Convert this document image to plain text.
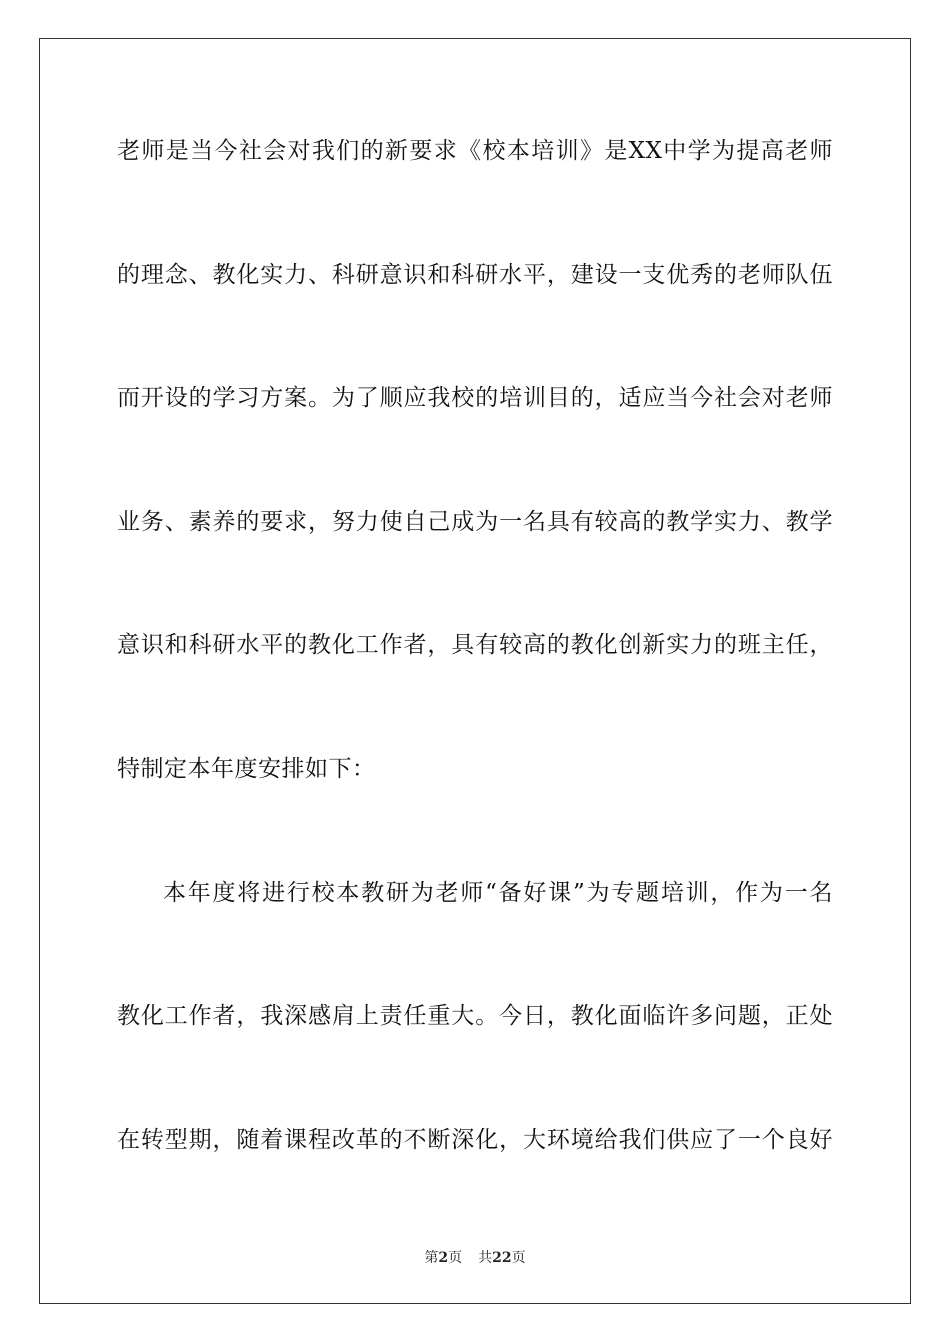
老师是当今社会对我们的新要求《校本培训》是XX中学为提高老师
的理念、教化实力、科研意识和科研水平，建设一支优秀的老师队伍
而开设的学习方案。为了顺应我校的培训目的，适应当今社会对老师
业务、素养的要求，努力使自己成为一名具有较高的教学实力、教学
意识和科研水平的教化工作者，具有较高的教化创新实力的班主任，
特制定本年度安排如下：
本年度将进行校本教研为老师“备好课”为专题培训，作为一名
教化工作者，我深感肩上责任重大。今日，教化面临许多问题，正处
在转型期，随着课程改革的不断深化，大环境给我们供应了一个良好
第2页 共22页
